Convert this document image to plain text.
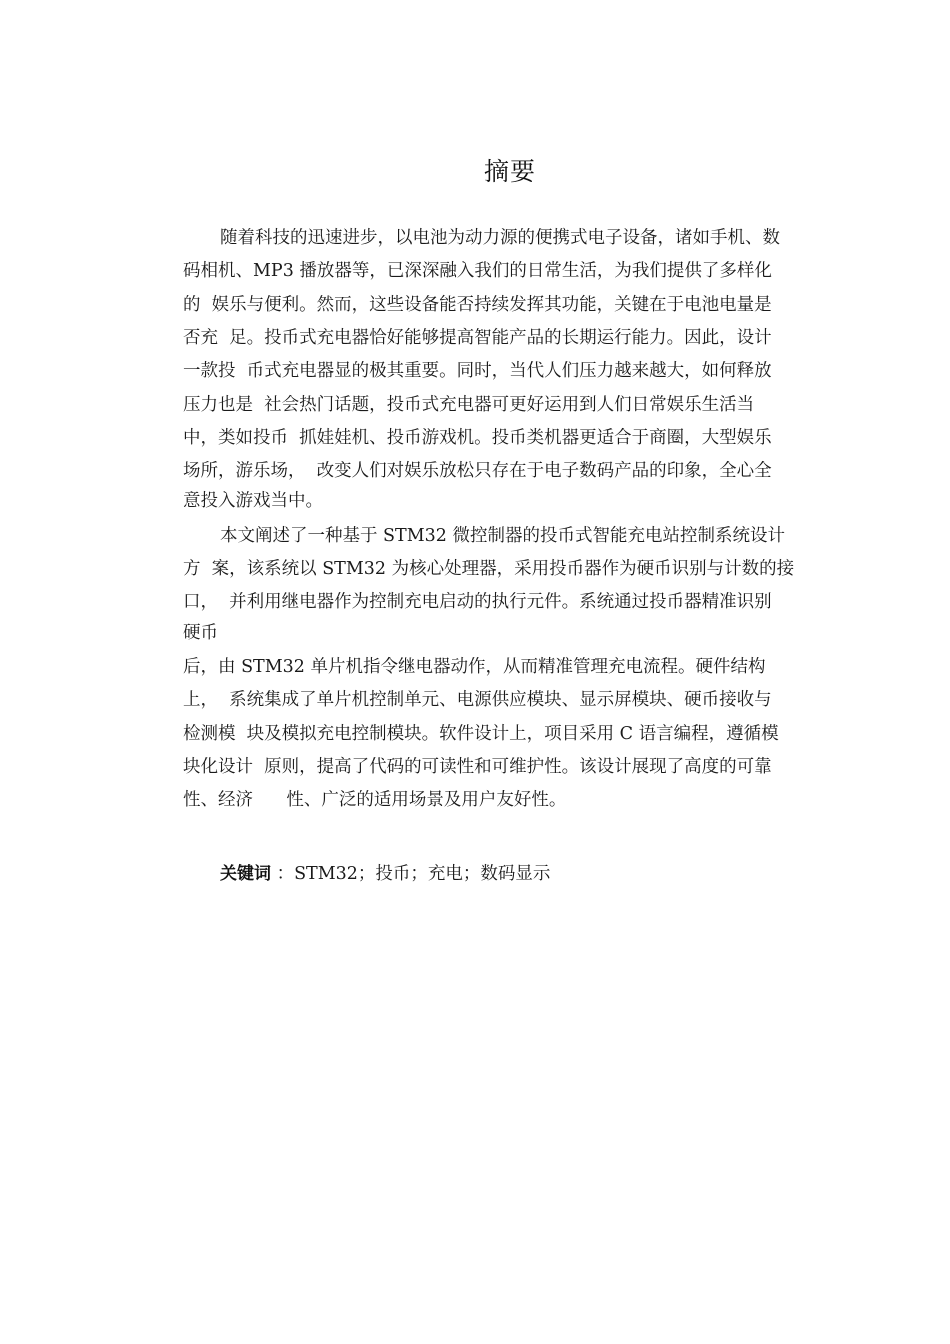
摘要
随着科技的迅速进步，以电池为动力源的便携式电子设备，诸如手机、数
码相机、MP3 播放器等，已深深融入我们的日常生活，为我们提供了多样化
的  娱乐与便利。然而，这些设备能否持续发挥其功能，关键在于电池电量是
否充  足。投币式充电器恰好能够提高智能产品的长期运行能力。因此，设计
一款投  币式充电器显的极其重要。同时，当代人们压力越来越大，如何释放
压力也是  社会热门话题，投币式充电器可更好运用到人们日常娱乐生活当
中，类如投币  抓娃娃机、投币游戏机。投币类机器更适合于商圈，大型娱乐
场所，游乐场，  改变人们对娱乐放松只存在于电子数码产品的印象，全心全
意投入游戏当中。
本文阐述了一种基于 STM32 微控制器的投币式智能充电站控制系统设计
方  案，该系统以 STM32 为核心处理器，采用投币器作为硬币识别与计数的接
口，  并利用继电器作为控制充电启动的执行元件。系统通过投币器精准识别
硬币
后，由 STM32 单片机指令继电器动作，从而精准管理充电流程。硬件结构
上，  系统集成了单片机控制单元、电源供应模块、显示屏模块、硬币接收与
检测模  块及模拟充电控制模块。软件设计上，项目采用 C 语言编程，遵循模
块化设计  原则，提高了代码的可读性和可维护性。该设计展现了高度的可靠
性、经济      性、广泛的适用场景及用户友好性。
关键词 ：STM32；投币；充电；数码显示
